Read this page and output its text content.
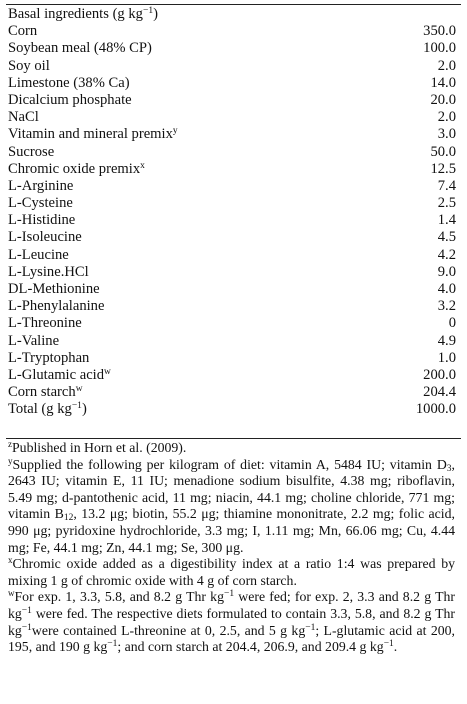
Basal ingredients (g $kg^{-1}$)
Corn	350.0
Soybean meal (48% CP)	100.0
Soy oil	2.0
Limestone (38% Ca)	14.0
Dicalcium phosphate	20.0
NaCl	2.0
Vitamin and mineral premix$^y$	3.0
Sucrose	50.0
Chromic oxide premix$^x$	12.5
L-Arginine	7.4
L-Cysteine	2.5
L-Histidine	1.4
L-Isoleucine	4.5
L-Leucine	4.2
L-Lysine.HCl	9.0
DL-Methionine	4.0
L-Phenylalanine	3.2
L-Threonine	0
L-Valine	4.9
L-Tryptophan	1.0
L-Glutamic acid$^w$	200.0
Corn starch$^w$	204.4
Total (g $kg^{-1}$)	1000.0

$^z$Published in Horn et al. (2009).

$^y$Supplied the following per kilogram of diet: vitamin A, 5484 IU; vitamin $D_3$, 2643 IU; vitamin E, 11 IU; menadione sodium bisulfite, 4.38 mg; riboflavin, 5.49 mg; d-pantothenic acid, 11 mg; niacin, 44.1 mg; choline chloride, 771 mg; vitamin $B_{12}$, 13.2 μg; biotin, 55.2 μg; thiamine mononitrate, 2.2 mg; folic acid, 990 μg; pyridoxine hydrochloride, 3.3 mg; I, 1.11 mg; Mn, 66.06 mg; Cu, 4.44 mg; Fe, 44.1 mg; Zn, 44.1 mg; Se, 300 μg.

$^x$Chromic oxide added as a digestibility index at a ratio 1:4 was prepared by mixing 1 g of chromic oxide with 4 g of corn starch.

$^w$For exp. 1, 3.3, 5.8, and 8.2 g Thr $kg^{-1}$ were fed; for exp. 2, 3.3 and 8.2 g Thr $kg^{-1}$ were fed. The respective diets formulated to contain 3.3, 5.8, and 8.2 g Thr $kg^{-1}were$ contained L-threonine at 0, 2.5, and 5 g $kg^{-1}$; L-glutamic acid at 200, 195, and 190 g $kg^{-1}$; and corn starch at 204.4, 206.9, and 209.4 g $kg^{-1}$.
